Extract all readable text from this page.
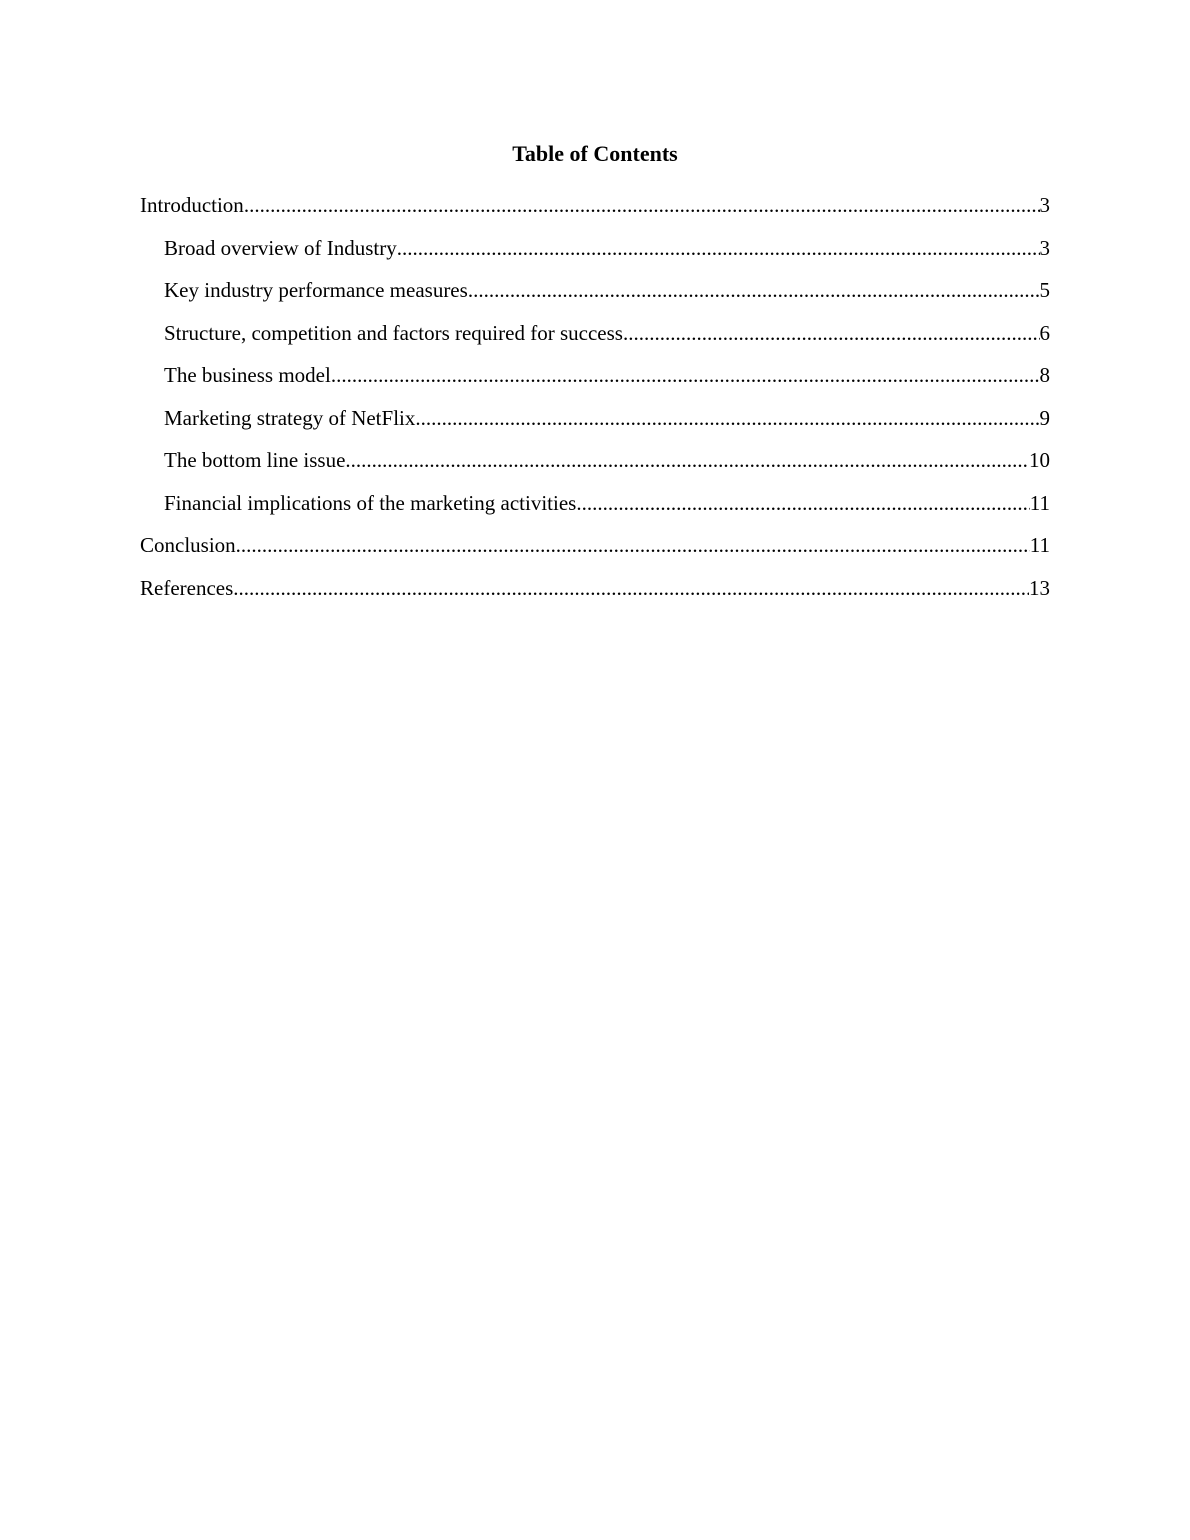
Table of Contents
Introduction .....	3
Broad overview of Industry .....	3
Key industry performance measures .....	5
Structure, competition and factors required for success .....	6
The business model .....	8
Marketing strategy of NetFlix .....	9
The bottom line issue .....	10
Financial implications of the marketing activities .....	11
Conclusion .....	11
References .....	13
